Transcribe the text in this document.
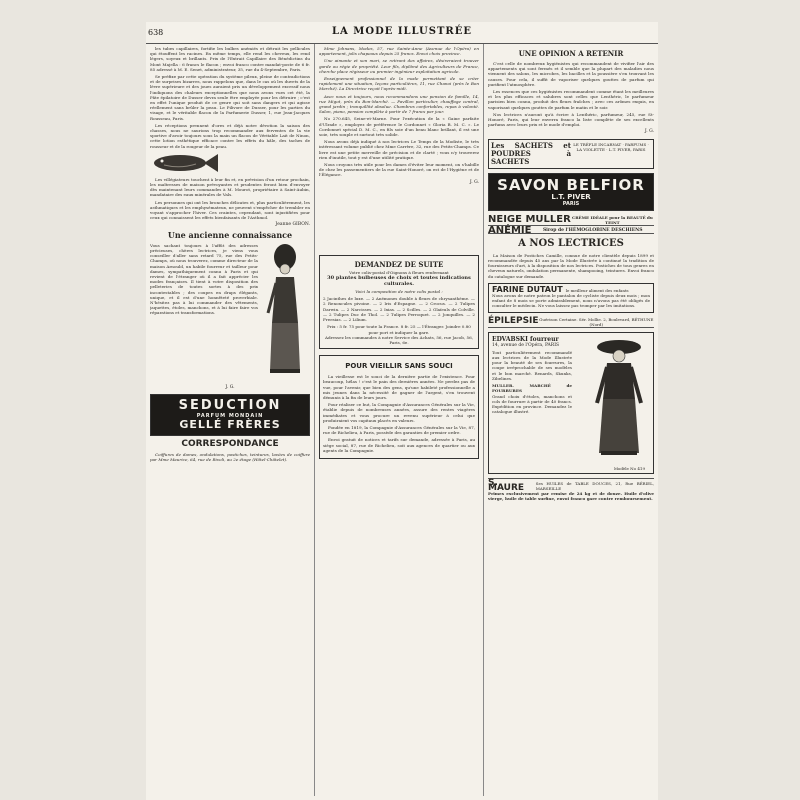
638	LA MODE ILLUSTRÉE

les tubes capillaires, fortifie les bulbes anémiés et détruit les pellicules qui étouffent les racines. En même temps, elle rend les cheveux, les rend légers, soyeux et brillants. Prix de l'Extrait Capillaire des Bénédictins du Mont Majella : 6 francs le flacon ; envoi franco contre mandat-poste de 6 fr. 85 adressé à M. E. Senet, administrateur, 35, rue du 4-Septembre, Paris.

Se préfixe par cette opération du système pileux, pleine de contradictions et de surprises bizarres, nous rappelons que, dans le cas où les duvets de la lèvre supérieure et des joues auraient pris un développement excessif nous l'indiquons des chaleurs exceptionnelles que nous avons vues cet été, la Pâte épilatoire de Dusser devra seule être employée pour les détruire ; c'est en effet l'unique produit de ce genre qui soit sans dangers et qui agisse réellement sans brûler la peau. Le Pilivore de Dusser, pour les parties du visage, et le véritable flacon de la Parfumerie Dusser, 1, rue Jean-Jacques Rousseau, Paris.

Les réceptions prennent d'ores et déjà notre dévotion la saison des chasses, nous ne saurions trop recommander aux ferventes de la vie sportive d'avoir toujours sous la main un flacon de Véritable Lait de Ninon, cette lotion esthétique efficace contre les effets du hâle, des taches de rousseur et de la rougeur de la peau.

Les villégiateurs touchent à leur fin et, en prévision d'un retour prochain, les maîtresses de maison prévoyantes et prudentes feront bien d'envoyer dès maintenant leurs commandes à M. Mourot, propriétaire à Saint-Aubin, mandataire des eaux minérales de Vals.

Les personnes qui ont les bronches délicates et, plus particulièrement, les asthmatiques et les emphysémateux, ne peuvent s'empêcher de trembler en voyant s'approcher l'hiver. Ces craintes, cependant, sont injustifiées pour ceux qui connaissent les effets bienfaisants de l'Asthmol.

Jeanne GIBON.
Une ancienne connaissance
Vous sachant toujours à l'affût des adresses précieuses, chères lectrices, je viens vous conseiller d'aller sans retard 75, rue des Petits-Champs, où nous trouverez, comme directeur de la maison Arnould, un habile fourreur et tailleur pour dames, sympathiquement connu à Paris et qui revient de l'étranger où il a fait apprécier les modes françaises. Il tient à votre disposition des pelleteries de toutes sortes à des prix incontestables ; des coupes en draps élégants, unique, et il est d'une honnêteté proverbiale. N'hésitez pas à lui commander des vêtements, jaquettes, étoles, manchons, et à lui faire faire vos réparations et transformations.
J. G.
SEDUCTION
PARFUM MONDAIN
GELLÉ FRÈRES
CORRESPONDANCE

Coiffures de dames, ondulations, postiches, teintures, lavées de coiffure par Mme Maurice, 64, rue de Rivoli, au 2e étage (Hôtel-Châtelet).

Mme Johnans, Modes, 57, rue Sainte-Anne (Avenue de l'Opéra) en appartement, jolis chapeaux depuis 25 francs. Envoi choix province.

Une aimante et son mari, se retirant des affaires, désireraient trouver garde ou régie de propriété. Leur fils, diplômé des Agriculteurs de France, cherche place régisseur ou premier ingénieur exploitation agricole.

Enseignement professionnel de la mode permettant de se créer rapidement une situation, leçons particulières, 11, rue Chanoi (près le Bon Marché). La Directrice reçoit l'après-midi.

Avec nous et toujours, nous recommandons une pension de famille, 14, rue Migot, près du Bon-Marché. — Pavillon particulier, chauffage central, grand jardin ; tranquillité absolue. Chambres confortables, repas à volonté. Salon, piano, pension complète à partir de 7 francs par jour.

No 270.645, Seine-et-Marne. Pour l'exécution de la « Gaine parfaite d'Ulrade », employez de préférence le Cordonnet « Gloria B. M. C. ». Le Cordonnet spécial D. M. C., en fils soie d'un beau blanc brillant, il est une soie, très souple et surtout très solide.

Nous avons déjà indiqué à nos lectrices Le Temps de la Modiste, le très intéressant volume publié chez Mme Carrère, 32, rue des Petits-Champs. Ce livre est une petite merveille de précision et de clarté ; vous n'y trouverez rien d'inutile, tout y est d'une utilité pratique.

Nous croyons très utile pour les dames d'éviter leur moment, on s'habille de chez les passementiers de la rue Saint-Honoré, on est de l'Hygiène et de l'Élégance.

J. G.
DEMANDEZ DE SUITE
Votre colis-postal d'Oignons à fleurs renfermant
30 plantes bulbeuses de choix et toutes indications culturales.
Voici la composition de notre colis postal :
2 Jacinthes de luxe. — 2 Anémones double à fleurs de chrysanthème. — 2 Renoncules pivoine. — 2 Iris d'Espagne. — 2 Crocus. — 2 Tulipes Darwin. — 2 Narcisses. — 2 Ixias. — 2 Scilles. — 2 Glaïeuls de Colville. — 2 Tulipes Duc de Thol. — 2 Tulipes Perroquet. — 2 Jonquilles. — 2 Freesias. — 2 Lilium.
Prix : 5 fr. 75 pour toute la France. 8 fr. 25 — l'Étranger. Joindre 0.80 pour port et indiquer la gare.
Adressez les commandes à notre Service des Achats, 56, rue Jacob, 56, Paris, 6e.
POUR VIEILLIR SANS SOUCI

La vieillesse est le souci de la dernière partie de l'existence. Pour beaucoup, hélas ! c'est le pain des dernières années. Ne perdez pas de vue, pour l'avenir, que bien des gens, qu'une habileté professionnelle a mis jeunes dans la nécessité de gagner de l'argent, s'en trouvent démunis à la fin de leurs jours.

Pour réaliser ce but, la Compagnie d'Assurances Générales sur la Vie, établie depuis de nombreuses années, assure des rentes viagères immédiates et vous procure un revenu supérieur à celui que produiraient vos capitaux placés en valeurs.

Fondée en 1819, la Compagnie d'Assurances Générales sur la Vie, 87, rue de Richelieu, à Paris, possède des garanties de premier ordre.

Envoi gratuit de notices et tarifs sur demande, adressée à Paris, au siège social, 87, rue de Richelieu, soit aux agences de quartier ou aux agents de la Compagnie.

UNE OPINION A RETENIR

C'est celle de nombreux hygiénistes qui recommandent de vivifier l'air des appartements qui sont fermés et il semble que la plupart des maladies nous viennent des salons, les microbes, les bacilles et la poussière s'en trouvant les causes. Pour cela, il suffit de vaporiser quelques gouttes de parfum qui purifient l'atmosphère.

Les essences que ces hygiénistes recommandent comme étant les meilleures et les plus efficaces et salubres sont celles que Lenthéric, le parfumeur parisien bien connu, produit des fleurs fraîches ; avec ces arômes exquis, en vaporisant quelques gouttes de parfum le matin et le soir.

Nos lectrices n'auront qu'à écrire à Lenthéric, parfumeur, 245, rue St-Honoré, Paris, qui leur enverra franco la liste complète de ses excellents parfums avec leurs prix et le mode d'emploi.

J. G.
Les SACHETS et POUDRES à SACHETS
LE TRÈFLE INCARNAT · PARFUMS · LA VIOLETTE · L.T. PIVER, PARIS
SAVON BELFIOR
L.T. PIVER
PARIS
NEIGE MULLER CRÈME IDÉALE pour la BEAUTÉ du TEINT
ANÉMIE	Sirop de l'HÉMOGLOBINE DESCHIENS
A NOS LECTRICES

La Maison de Postiches Camille, connue de notre clientèle depuis 1899 et recommandée depuis 45 ans par la Mode Illustrée à continué la tradition de fournisseurs d'art, à la disposition de nos lectrices. Postiches de tous genres en cheveux naturels, ondulation permanente, shampooing, teintures. Envoi franco du catalogue sur demande.

FARINE DUTAUT le meilleur aliment des enfants
Nous avons de notre patron le pantalon de cycliste depuis deux mois ; mon enfant de 8 mois se porte admirablement, nous n'avons pas été obligés de consulter le médecin. Ne vous laissez pas tromper par les imitations.
ÉPILEPSIE Guérison Certaine. Sér. Mollie. 2, Boulevard, BÉTHUNE (Nord)
EDVABSKI fourreur
14, avenue de l'Opéra, PARIS
Tout particulièrement recommandé aux lectrices de la Mode Illustrée pour la beauté de ses fourrures, la coupe irréprochable de ses modèles et le bon marché. Renards, Skunks, Zibelines.
MULLER. MARCHÉ de FOURRURES
Grand choix d'étoles, manchons et cols de fourrure à partir de 40 francs. Expédition en province. Demandez le catalogue illustré.
Modèle No 419
S. MAURE	Ses HUILES de TABLE DOUCES, 21, Rue BÉRIEL, MARSEILLE
Primes exclusivement par remise de 24 kg et de douze. Huile d'olive vierge, huile de table surfine, envoi franco gare contre remboursement.
